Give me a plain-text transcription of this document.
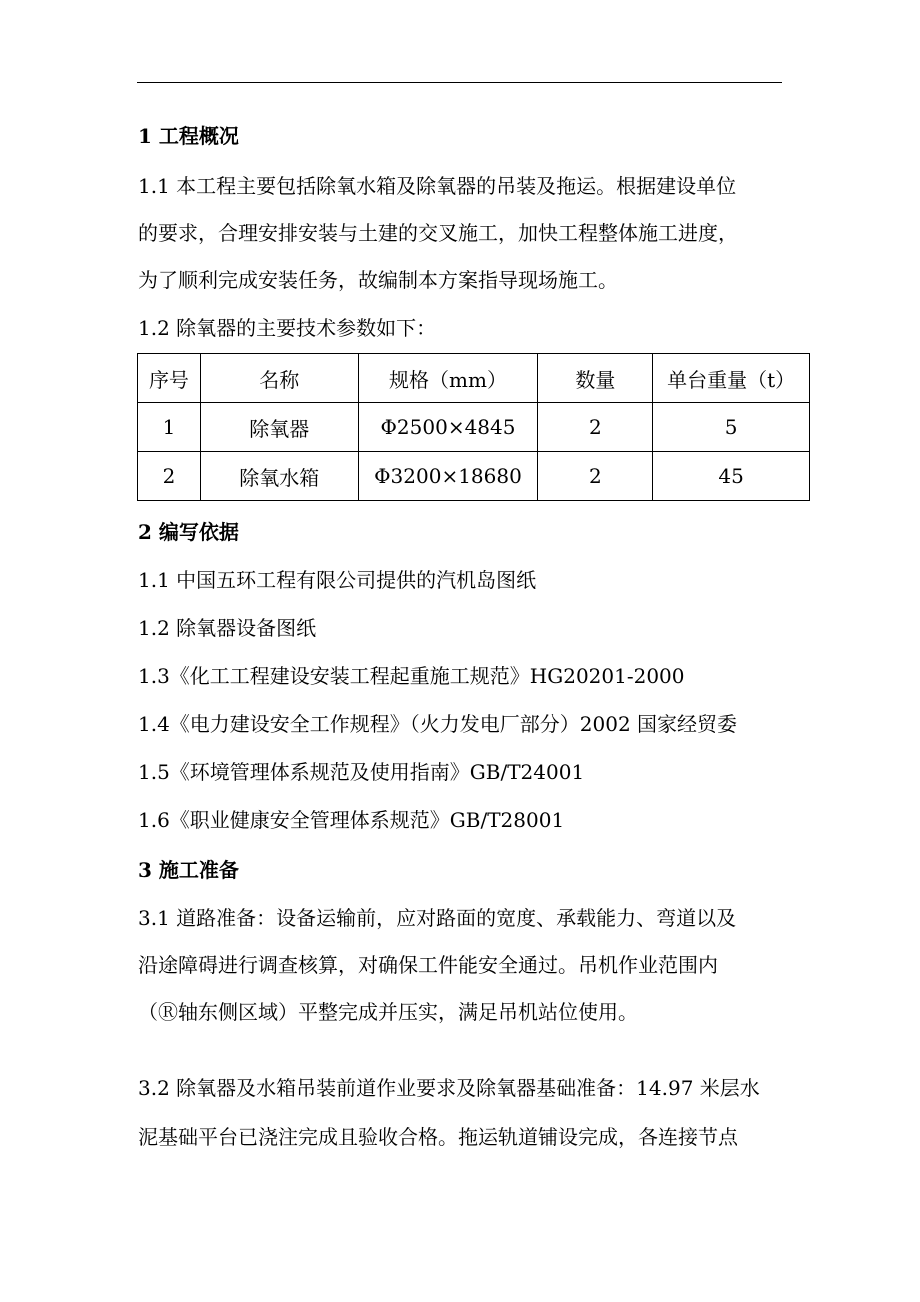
1 工程概况
1.1 本工程主要包括除氧水箱及除氧器的吊装及拖运。根据建设单位
的要求，合理安排安装与土建的交叉施工，加快工程整体施工进度，
为了顺利完成安装任务，故编制本方案指导现场施工。
1.2 除氧器的主要技术参数如下：
序号	名称	规格（mm）	数量	单台重量（t）
1	除氧器	Φ2500×4845	2	5
2	除氧水箱	Φ3200×18680	2	45
2 编写依据
1.1 中国五环工程有限公司提供的汽机岛图纸
1.2 除氧器设备图纸
1.3《化工工程建设安装工程起重施工规范》HG20201-2000
1.4《电力建设安全工作规程》（火力发电厂部分）2002 国家经贸委
1.5《环境管理体系规范及使用指南》GB/T24001
1.6《职业健康安全管理体系规范》GB/T28001
3 施工准备
3.1 道路准备：设备运输前，应对路面的宽度、承载能力、弯道以及
沿途障碍进行调查核算，对确保工件能安全通过。吊机作业范围内
（Ⓡ轴东侧区域）平整完成并压实，满足吊机站位使用。
3.2 除氧器及水箱吊装前道作业要求及除氧器基础准备：14.97 米层水
泥基础平台已浇注完成且验收合格。拖运轨道铺设完成，各连接节点
